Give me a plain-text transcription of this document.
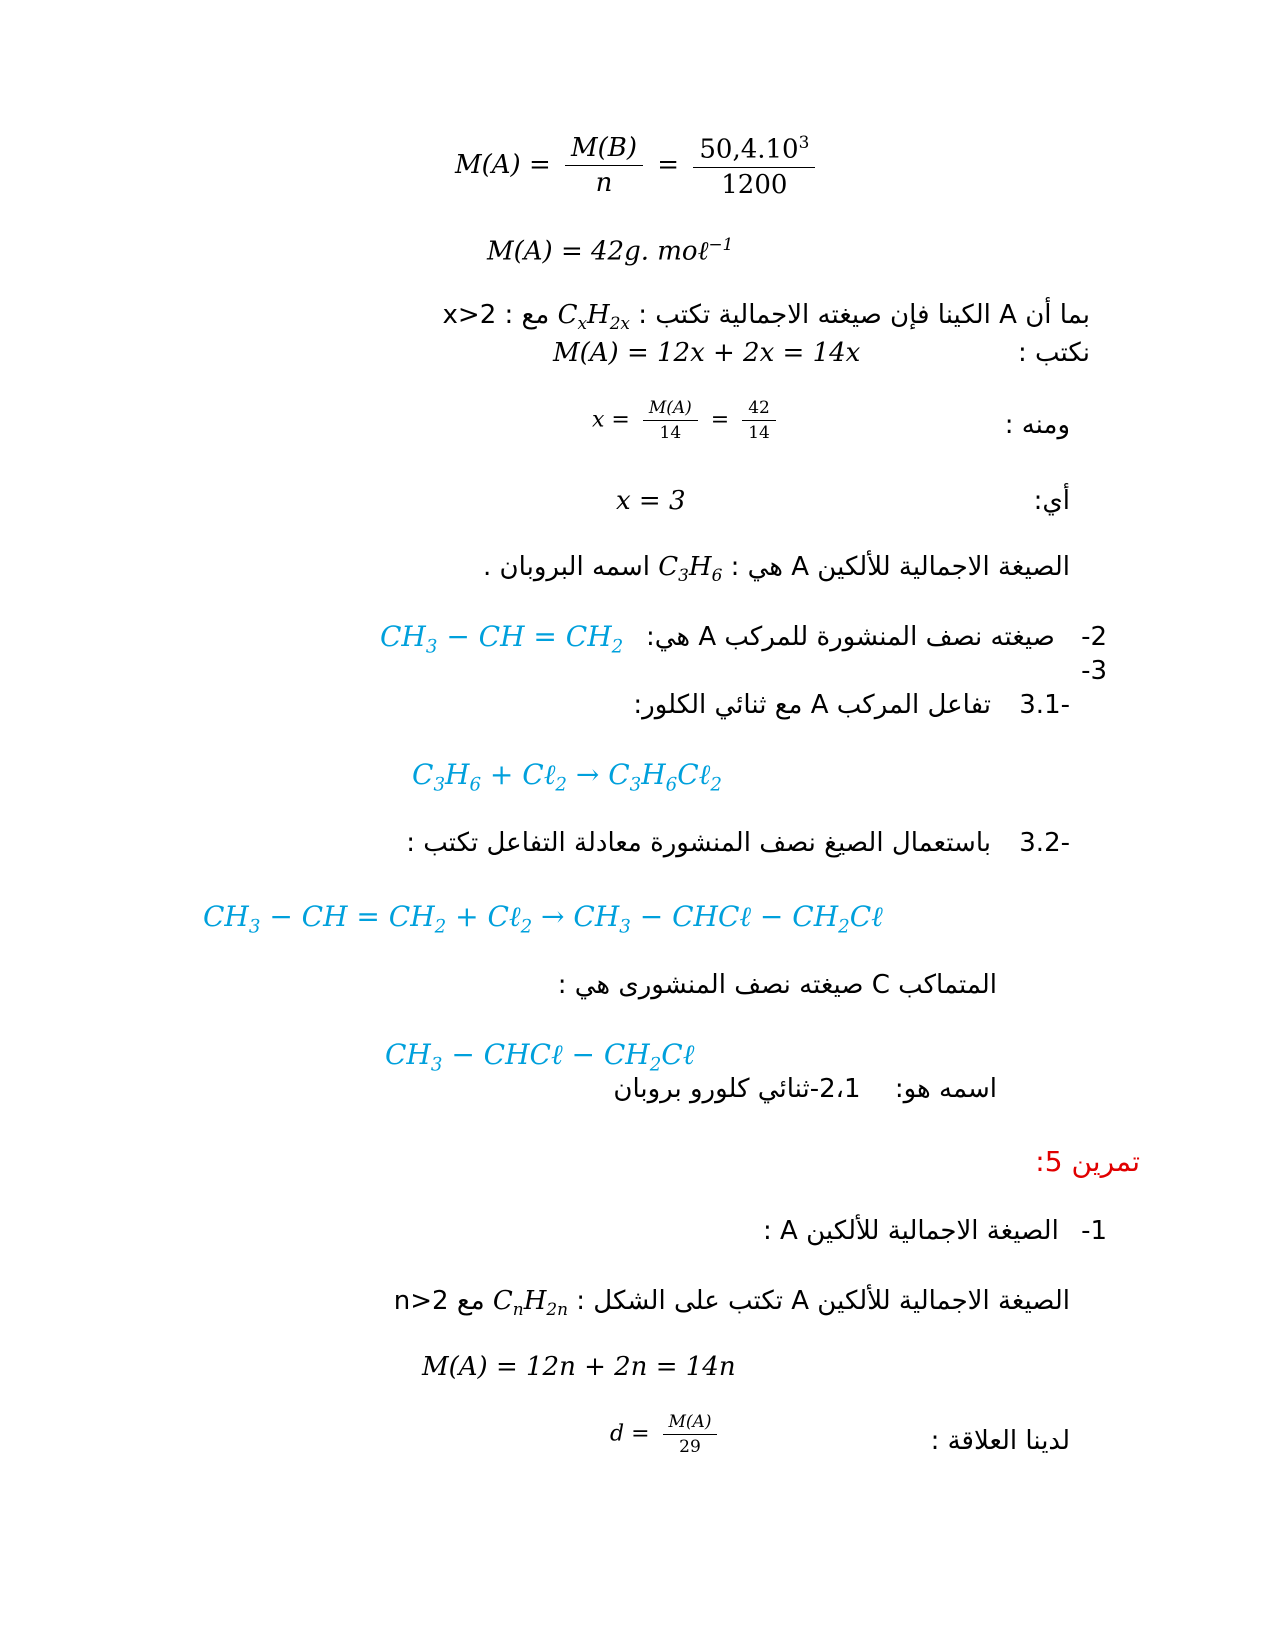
$M(A) = \frac{M(B)}{n} = \frac{50,4.10^3}{1200}$
M(A) = 42g. moℓ$^{-1}$
بما أن A الكينا فإن صيغته الاجمالية تكتب : $C_xH_{2x}$ مع : x>2
نكتب :
M(A) = 12x + 2x = 14x
ومنه :
$x = \frac{M(A)}{14} = \frac{42}{14}$
أي:
x = 3
الصيغة الاجمالية للألكين A هي : $C_3H_6$ اسمه البروبان .
-2 صيغته نصف المنشورة للمركب A هي:
$CH_3$ − CH = $CH_2$
-3
3.1- تفاعل المركب A مع ثنائي الكلور:
$C_3H_6$ + Cℓ$_2$ → $C_3H_6C\ell_2$
3.2- باستعمال الصيغ نصف المنشورة معادلة التفاعل تكتب :
$CH_3$ − CH = $CH_2$ + Cℓ$_2$ → $CH_3$ − CHCℓ − $CH_2C\ell$
المتماكب C صيغته نصف المنشورى هي :
$CH_3$ − CHCℓ − $CH_2C\ell$
اسمه هو: 2،1-ثنائي كلورو بروبان
تمرين 5:
-1 الصيغة الاجمالية للألكين A :
الصيغة الاجمالية للألكين A تكتب على الشكل : $C_nH_{2n}$ مع n>2
M(A) = 12n + 2n = 14n
لدينا العلاقة :
$d = \frac{M(A)}{29}$
